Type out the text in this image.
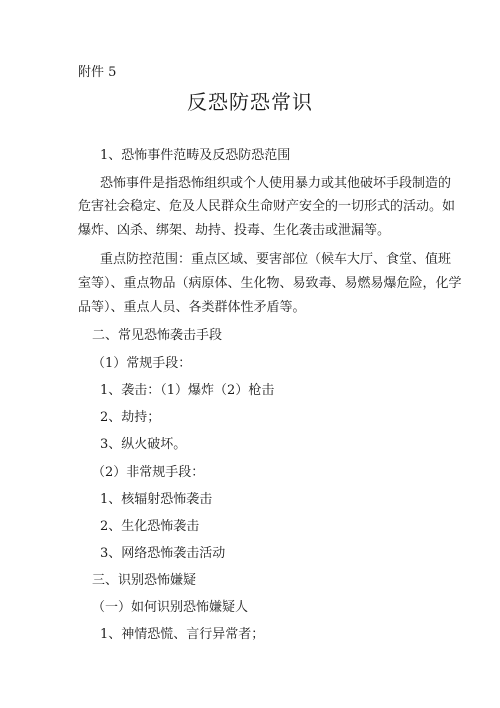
附件 5
反恐防恐常识
1、恐怖事件范畴及反恐防恐范围
恐怖事件是指恐怖组织或个人使用暴力或其他破坏手段制造的
危害社会稳定、危及人民群众生命财产安全的一切形式的活动。如
爆炸、凶杀、绑架、劫持、投毒、生化袭击或泄漏等。
重点防控范围：重点区域、要害部位（候车大厅、食堂、值班
室等）、重点物品（病原体、生化物、易致毒、易燃易爆危险，化学
品等）、重点人员、各类群体性矛盾等。
二、常见恐怖袭击手段
（1）常规手段：
1、袭击：（1）爆炸（2）枪击
2、劫持；
3、纵火破坏。
（2）非常规手段：
1、核辐射恐怖袭击
2、生化恐怖袭击
3、网络恐怖袭击活动
三、识别恐怖嫌疑
（一）如何识别恐怖嫌疑人
1、神情恐慌、言行异常者；
